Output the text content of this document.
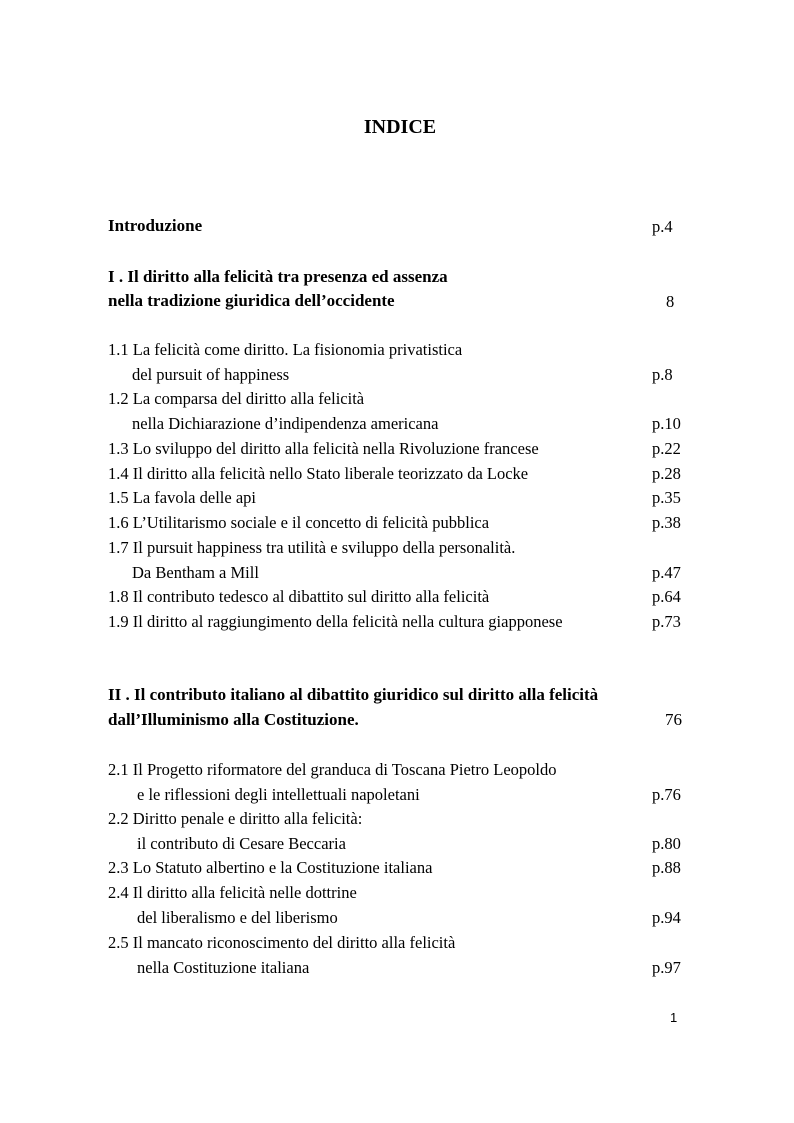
INDICE
Introduzione	p.4
I . Il diritto alla felicità tra presenza ed assenza
nella tradizione giuridica dell’occidente	8
1.1 La felicità come diritto. La fisionomia privatistica
del pursuit of happiness	p.8
1.2 La comparsa del diritto alla felicità
nella Dichiarazione d’indipendenza americana	p.10
1.3 Lo sviluppo del diritto alla felicità nella Rivoluzione francese	p.22
1.4 Il diritto alla felicità nello Stato liberale teorizzato da Locke	p.28
1.5 La favola delle api	p.35
1.6 L’Utilitarismo sociale e il concetto di felicità pubblica	p.38
1.7 Il pursuit happiness tra utilità e sviluppo della personalità.
Da Bentham a Mill	p.47
1.8 Il contributo tedesco al dibattito sul diritto alla felicità	p.64
1.9 Il diritto al raggiungimento della felicità nella cultura giapponese	p.73
II . Il contributo italiano al dibattito giuridico sul diritto alla felicità
dall’Illuminismo alla Costituzione.	76
2.1 Il Progetto riformatore del granduca di Toscana Pietro Leopoldo
e le riflessioni degli intellettuali napoletani	p.76
2.2 Diritto penale e diritto alla felicità:
il contributo di Cesare Beccaria	p.80
2.3 Lo Statuto albertino e la Costituzione italiana	p.88
2.4 Il diritto alla felicità nelle dottrine
del liberalismo e del liberismo	p.94
2.5 Il mancato riconoscimento del diritto alla felicità
nella Costituzione italiana	p.97
1
